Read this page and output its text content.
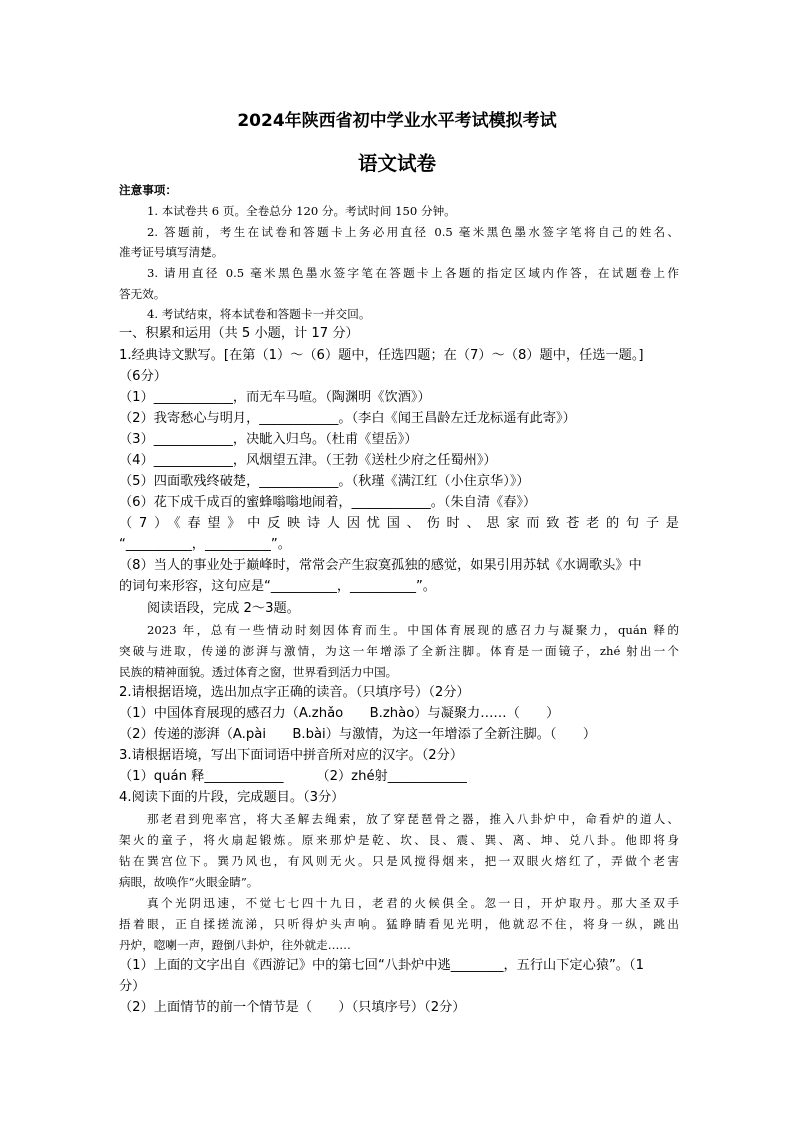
2024年陕西省初中学业水平考试模拟考试
语文试卷
注意事项：
1. 本试卷共 6 页。全卷总分 120 分。考试时间 150 分钟。
2. 答题前，考生在试卷和答题卡上务必用直径 0.5 毫米黑色墨水签字笔将自己的姓名、
准考证号填写清楚。
3. 请用直径 0.5 毫米黑色墨水签字笔在答题卡上各题的指定区域内作答，在试题卷上作
答无效。
4. 考试结束，将本试卷和答题卡一并交回。
一、积累和运用（共 5 小题，计 17 分）
1.经典诗文默写。[在第（1）～（6）题中，任选四题；在（7）～（8）题中，任选一题。]
（6分）
（1）____________，而无车马喧。（陶渊明《饮酒》）
（2）我寄愁心与明月，____________。（李白《闻王昌龄左迁龙标遥有此寄》）
（3）____________，决眦入归鸟。（杜甫《望岳》）
（4）____________，风烟望五津。（王勃《送杜少府之任蜀州》）
（5）四面歌残终破楚，____________。（秋瑾《满江红（小住京华）》）
（6）花下成千成百的蜜蜂嗡嗡地闹着，____________。（朱自清《春》）
（7）《春望》中反映诗人因忧国、伤时、思家而致苍老的句子是
“__________，__________”。
（8）当人的事业处于巅峰时，常常会产生寂寞孤独的感觉，如果引用苏轼《水调歌头》中
的词句来形容，这句应是“__________，__________”。
阅读语段，完成 2～3题。
2023 年，总有一些情动时刻因体育而生。中国体育展现的感召力与凝聚力，quán 释的
突破与进取，传递的澎湃与激情，为这一年增添了全新注脚。体育是一面镜子，zhé 射出一个
民族的精神面貌。透过体育之窗，世界看到活力中国。
2.请根据语境，选出加点字正确的读音。（只填序号）（2分）
（1）中国体育展现的感召力（A.zhǎo　　B.zhào）与凝聚力……（　　）
（2）传递的澎湃（A.pài　　B.bài）与激情，为这一年增添了全新注脚。（　　）
3.请根据语境，写出下面词语中拼音所对应的汉字。（2分）
（1）quán 释____________　　　（2）zhé射____________
4.阅读下面的片段，完成题目。（3分）
那老君到兜率宫，将大圣解去绳索，放了穿琵琶骨之器，推入八卦炉中，命看炉的道人、
架火的童子，将火扇起锻炼。原来那炉是乾、坎、艮、震、巽、离、坤、兑八卦。他即将身
钻在巽宫位下。巽乃风也，有风则无火。只是风搅得烟来，把一双眼火熔红了，弄做个老害
病眼，故唤作“火眼金睛”。
真个光阴迅速，不觉七七四十九日，老君的火候俱全。忽一日，开炉取丹。那大圣双手
捂着眼，正自揉搓流涕，只听得炉头声响。猛睁睛看见光明，他就忍不住，将身一纵，跳出
丹炉，唿喇一声，蹬倒八卦炉，往外就走……
（1）上面的文字出自《西游记》中的第七回“八卦炉中逃________，五行山下定心猿”。（1
分）
（2）上面情节的前一个情节是（　　）（只填序号）（2分）
